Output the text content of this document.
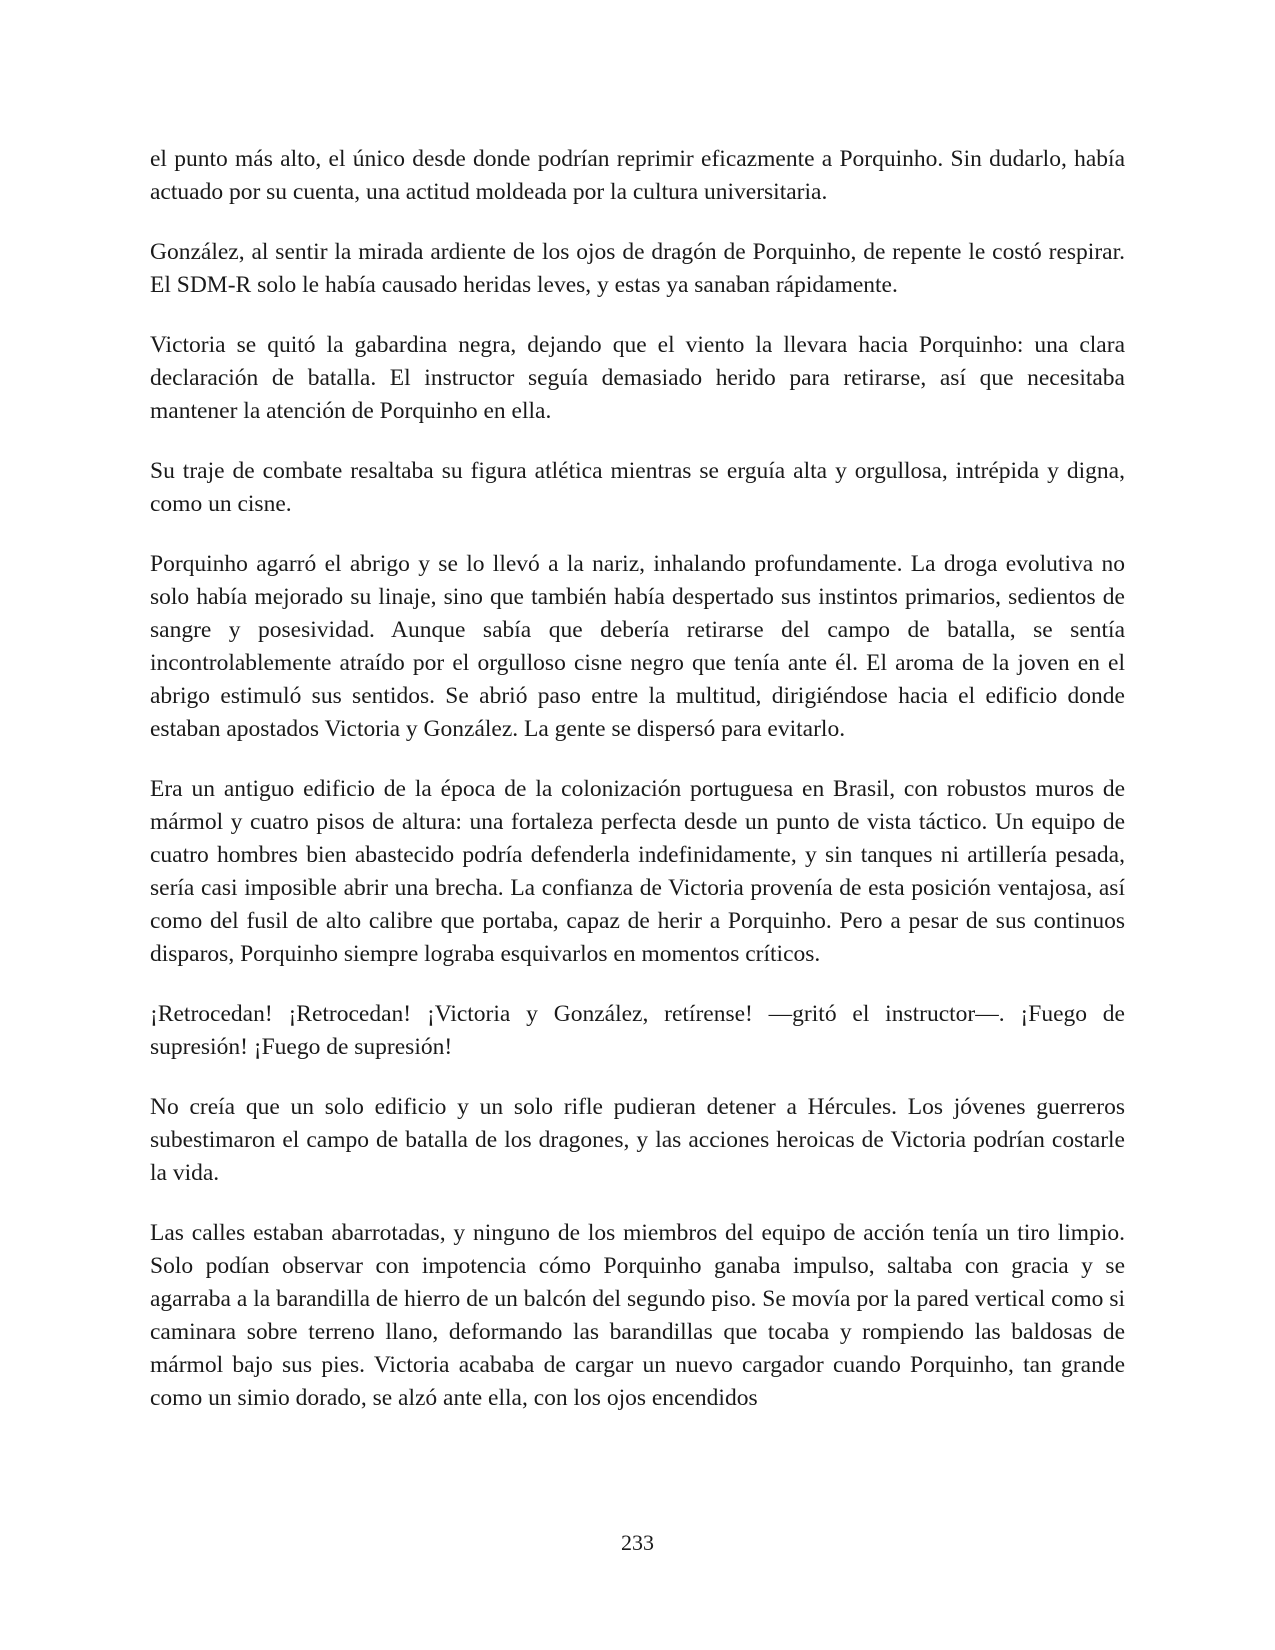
el punto más alto, el único desde donde podrían reprimir eficazmente a Porquinho. Sin dudarlo, había actuado por su cuenta, una actitud moldeada por la cultura universitaria.

González, al sentir la mirada ardiente de los ojos de dragón de Porquinho, de repente le costó respirar. El SDM-R solo le había causado heridas leves, y estas ya sanaban rápidamente.

Victoria se quitó la gabardina negra, dejando que el viento la llevara hacia Porquinho: una clara declaración de batalla. El instructor seguía demasiado herido para retirarse, así que necesitaba mantener la atención de Porquinho en ella.

Su traje de combate resaltaba su figura atlética mientras se erguía alta y orgullosa, intrépida y digna, como un cisne.

Porquinho agarró el abrigo y se lo llevó a la nariz, inhalando profundamente. La droga evolutiva no solo había mejorado su linaje, sino que también había despertado sus instintos primarios, sedientos de sangre y posesividad. Aunque sabía que debería retirarse del campo de batalla, se sentía incontrolablemente atraído por el orgulloso cisne negro que tenía ante él. El aroma de la joven en el abrigo estimuló sus sentidos. Se abrió paso entre la multitud, dirigiéndose hacia el edificio donde estaban apostados Victoria y González. La gente se dispersó para evitarlo.

Era un antiguo edificio de la época de la colonización portuguesa en Brasil, con robustos muros de mármol y cuatro pisos de altura: una fortaleza perfecta desde un punto de vista táctico. Un equipo de cuatro hombres bien abastecido podría defenderla indefinidamente, y sin tanques ni artillería pesada, sería casi imposible abrir una brecha. La confianza de Victoria provenía de esta posición ventajosa, así como del fusil de alto calibre que portaba, capaz de herir a Porquinho. Pero a pesar de sus continuos disparos, Porquinho siempre lograba esquivarlos en momentos críticos.

¡Retrocedan! ¡Retrocedan! ¡Victoria y González, retírense! —gritó el instructor—. ¡Fuego de supresión! ¡Fuego de supresión!

No creía que un solo edificio y un solo rifle pudieran detener a Hércules. Los jóvenes guerreros subestimaron el campo de batalla de los dragones, y las acciones heroicas de Victoria podrían costarle la vida.

Las calles estaban abarrotadas, y ninguno de los miembros del equipo de acción tenía un tiro limpio. Solo podían observar con impotencia cómo Porquinho ganaba impulso, saltaba con gracia y se agarraba a la barandilla de hierro de un balcón del segundo piso. Se movía por la pared vertical como si caminara sobre terreno llano, deformando las barandillas que tocaba y rompiendo las baldosas de mármol bajo sus pies. Victoria acababa de cargar un nuevo cargador cuando Porquinho, tan grande como un simio dorado, se alzó ante ella, con los ojos encendidos

233
